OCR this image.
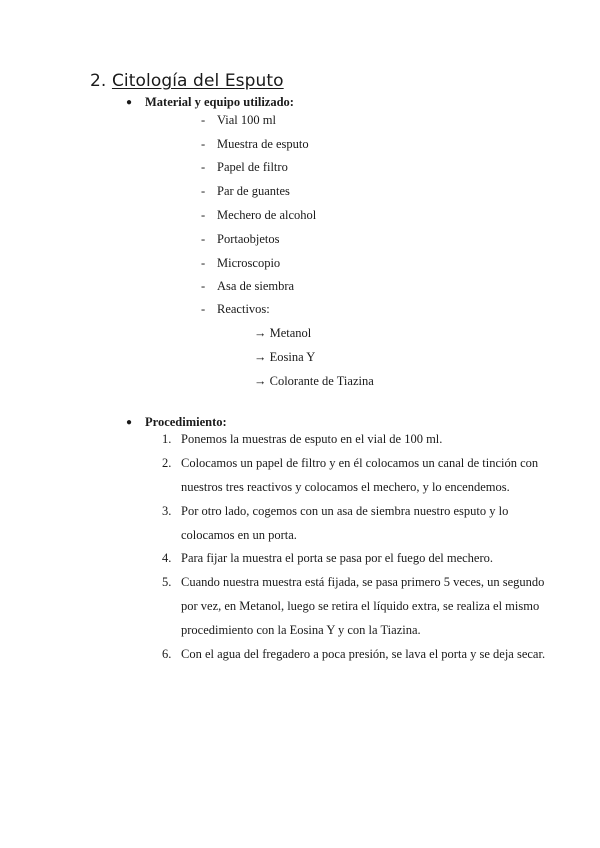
2. Citología del Esputo
● Material y equipo utilizado:
- Vial 100 ml
- Muestra de esputo
- Papel de filtro
- Par de guantes
- Mechero de alcohol
- Portaobjetos
- Microscopio
- Asa de siembra
- Reactivos:
→ Metanol
→ Eosina Y
→ Colorante de Tiazina
● Procedimiento:
1. Ponemos la muestras de esputo en el vial de 100 ml.
2. Colocamos un papel de filtro y en él colocamos un canal de tinción con nuestros tres reactivos y colocamos el mechero, y lo encendemos.
3. Por otro lado, cogemos con un asa de siembra nuestro esputo y lo colocamos en un porta.
4. Para fijar la muestra el porta se pasa por el fuego del mechero.
5. Cuando nuestra muestra está fijada, se pasa primero 5 veces, un segundo por vez, en Metanol, luego se retira el líquido extra, se realiza el mismo procedimiento con la Eosina Y y con la Tiazina.
6. Con el agua del fregadero a poca presión, se lava el porta y se deja secar.
